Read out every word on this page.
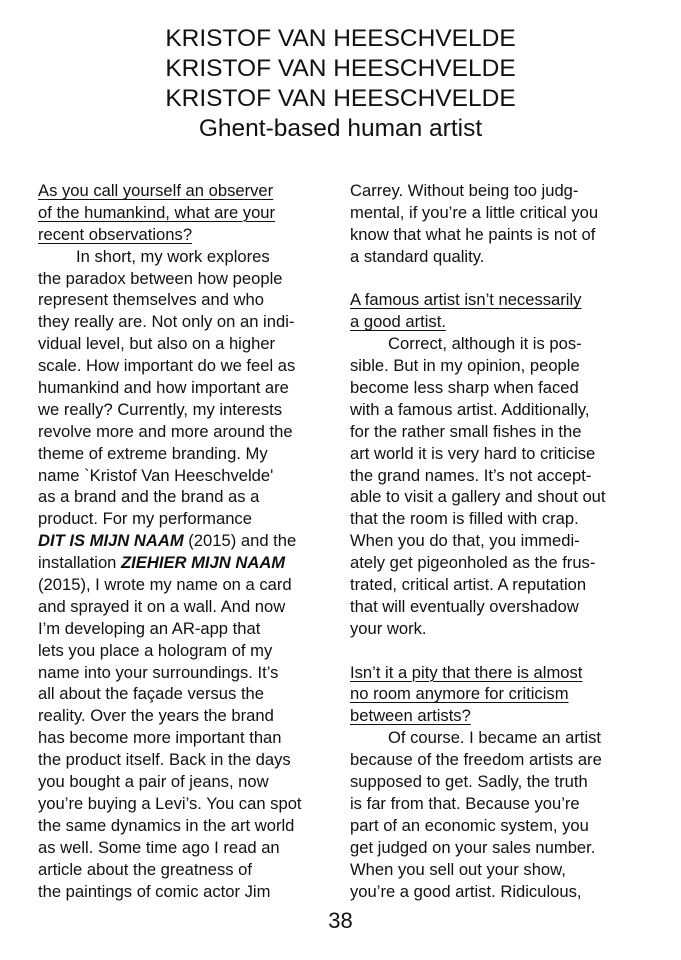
KRISTOF VAN HEESCHVELDE
KRISTOF VAN HEESCHVELDE
KRISTOF VAN HEESCHVELDE
Ghent-based human artist
As you call yourself an observer
of the humankind, what are your
recent observations?
In short, my work explores
the paradox between how people
represent themselves and who
they really are. Not only on an indi-
vidual level, but also on a higher
scale. How important do we feel as
humankind and how important are
we really? Currently, my interests
revolve more and more around the
theme of extreme branding. My
name `Kristof Van Heeschvelde'
as a brand and the brand as a
product. For my performance
DIT IS MIJN NAAM (2015) and the
installation ZIEHIER MIJN NAAM
(2015), I wrote my name on a card
and sprayed it on a wall. And now
I’m developing an AR-app that
lets you place a hologram of my
name into your surroundings. It’s
all about the façade versus the
reality. Over the years the brand
has become more important than
the product itself. Back in the days
you bought a pair of jeans, now
you’re buying a Levi’s. You can spot
the same dynamics in the art world
as well. Some time ago I read an
article about the greatness of
the paintings of comic actor Jim
Carrey. Without being too judg-
mental, if you’re a little critical you
know that what he paints is not of
a standard quality.
A famous artist isn’t necessarily
a good artist.
Correct, although it is pos-
sible. But in my opinion, people
become less sharp when faced
with a famous artist. Additionally,
for the rather small fishes in the
art world it is very hard to criticise
the grand names. It’s not accept-
able to visit a gallery and shout out
that the room is filled with crap.
When you do that, you immedi-
ately get pigeonholed as the frus-
trated, critical artist. A reputation
that will eventually overshadow
your work.
Isn’t it a pity that there is almost
no room anymore for criticism
between artists?
Of course. I became an artist
because of the freedom artists are
supposed to get. Sadly, the truth
is far from that. Because you’re
part of an economic system, you
get judged on your sales number.
When you sell out your show,
you’re a good artist. Ridiculous,
38
